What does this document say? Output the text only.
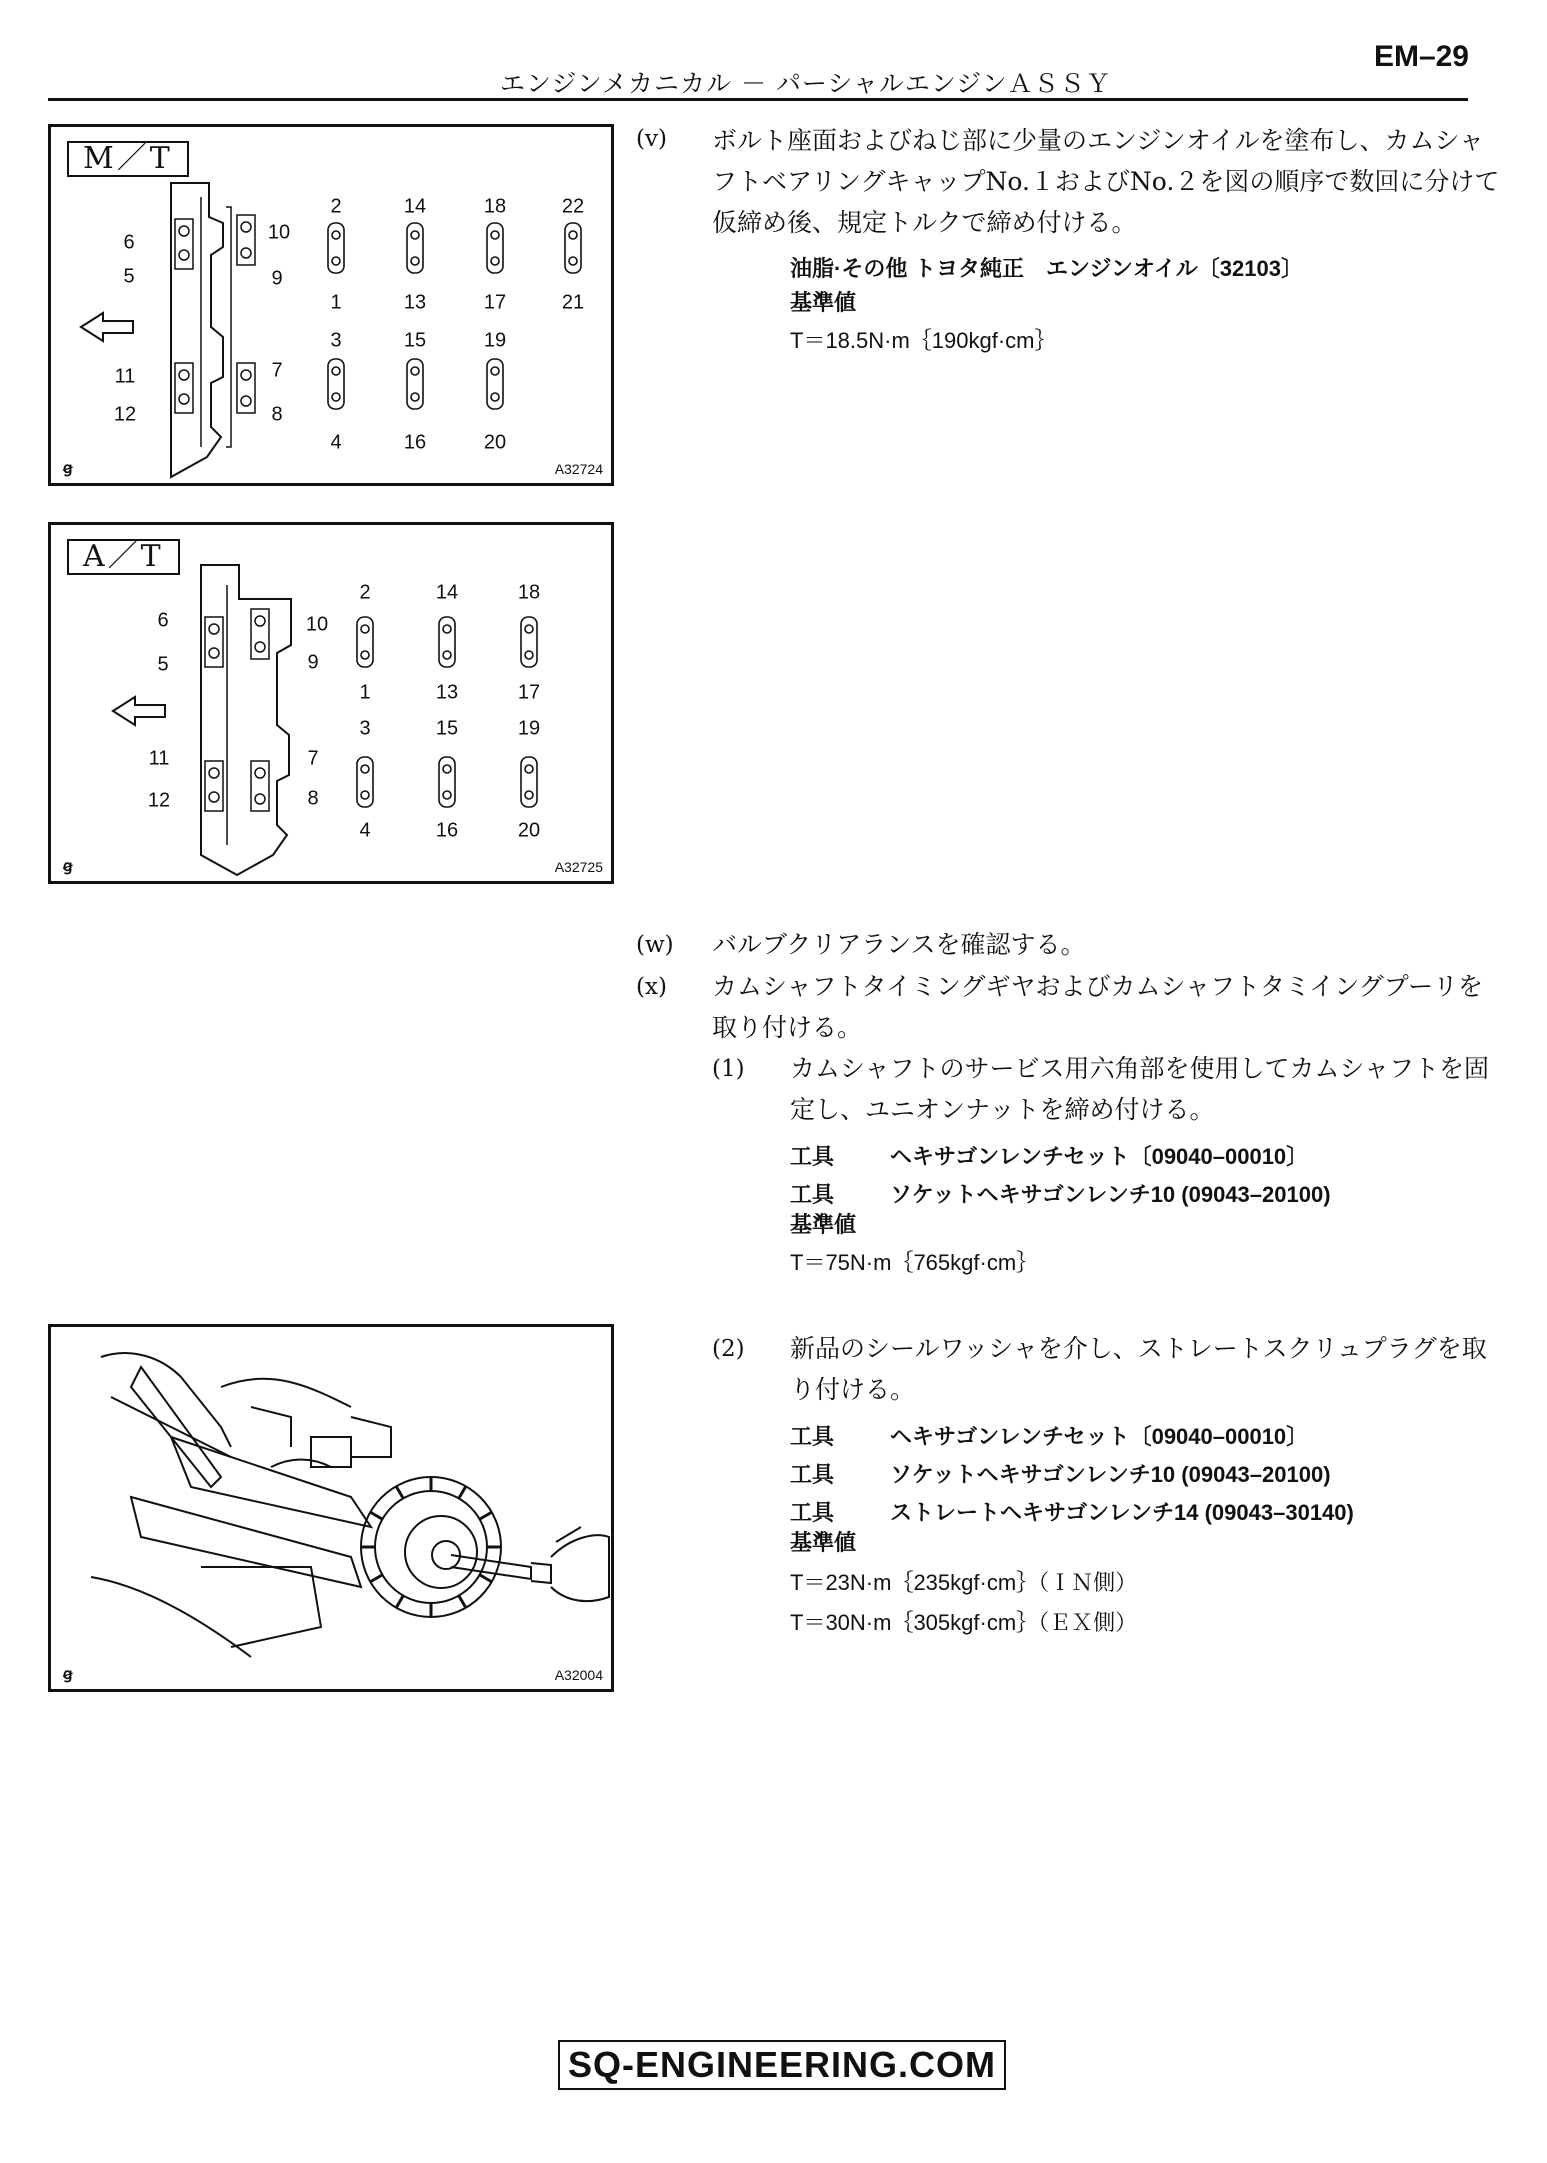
EM–29
エンジンメカニカル － パーシャルエンジンＡＳＳＹ
M／T
6
5
11
12
10
9
7
8
2	14	18	22
1	13	17	21
3	15	19
4	16	20
ꞡ	A32724
A／T
6
5
11
12
10
9
7
8
2	14	18
1	13	17
3	15	19
4	16	20
ꞡ	A32725
ꞡ	A32004
(v) ボルト座面およびねじ部に少量のエンジンオイルを塗布し、カムシャ
フトベアリングキャップNo.１およびNo.２を図の順序で数回に分けて
仮締め後、規定トルクで締め付ける。
油脂·その他 トヨタ純正　エンジンオイル〔32103〕
基準値
T＝18.5N·m｛190kgf·cm｝
(w) バルブクリアランスを確認する。
(x) カムシャフトタイミングギヤおよびカムシャフトタミイングプーリを
取り付ける。
(1) カムシャフトのサービス用六角部を使用してカムシャフトを固
定し、ユニオンナットを締め付ける。
工具	ヘキサゴンレンチセット〔09040–00010〕
工具	ソケットヘキサゴンレンチ10 (09043–20100)
基準値
T＝75N·m｛765kgf·cm｝
(2) 新品のシールワッシャを介し、ストレートスクリュプラグを取
り付ける。
工具	ヘキサゴンレンチセット〔09040–00010〕
工具	ソケットヘキサゴンレンチ10 (09043–20100)
工具	ストレートヘキサゴンレンチ14 (09043–30140)
基準値
T＝23N·m｛235kgf·cm｝（ＩＮ側）
T＝30N·m｛305kgf·cm｝（ＥＸ側）
SQ-ENGINEERING.COM
